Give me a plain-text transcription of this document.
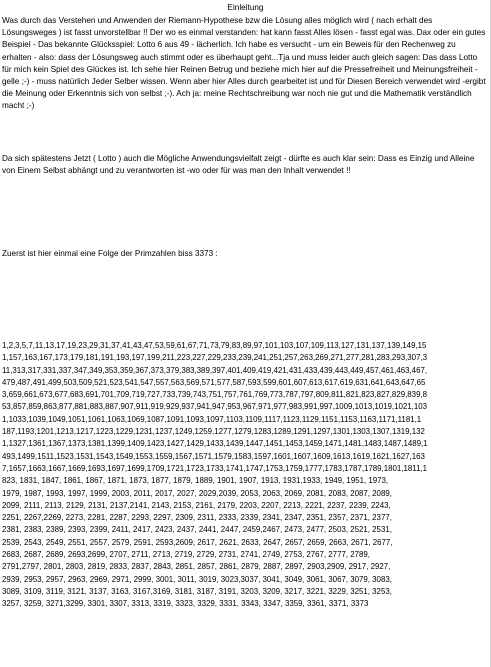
Einleitung

Was durch das Verstehen und Anwenden der Riemann-Hypothese bzw die Lösung alles möglich wird ( nach erhalt des Lösungsweges ) ist fasst unvorstellbar !! Der wo es einmal verstanden: hat kann fasst Alles lösen - fasst egal was. Dax oder ein gutes Beispiel - Das bekannte Glücksspiel: Lotto 6 aus 49 - lächerlich. Ich habe es versucht - um ein Beweis für den Rechenweg zu erhalten - also: dass der Lösungsweg auch stimmt oder es überhaupt geht...Tja und muss leider auch gleich sagen: Das dass Lotto für mich kein Spiel des Glückes ist. Ich sehe hier Reinen Betrug und beziehe mich hier auf die Pressefreiheit und Meinungsfreiheit - gelle ;-) - muss natürlich Jeder Selber wissen. Wenn aber hier Alles durch gearbeitet ist und für Diesen Bereich verwendet wird -ergibt die Meinung oder Erkenntnis sich von selbst ;-). Ach ja: meine Rechtschreibung war noch nie gut und die Mathematik verständlich macht ;-)

Da sich spätestens Jetzt ( Lotto ) auch die Mögliche Anwendungsvielfalt zeigt - dürfte es auch klar sein: Dass es Einzig und Alleine von Einem Selbst abhängt und zu verantworten ist -wo oder für was man den Inhalt verwendet !!

Zuerst ist hier einmal eine Folge der Primzahlen biss 3373 :

1,2,3,5,7,11,13,17,19,23,29,31,37,41,43,47,53,59,61,67,71,73,79,83,89,97,101,103,107,109,113,127,131,137,139,149,15
1,157,163,167,173,179,181,191,193,197,199,211,223,227,229,233,239,241,251,257,263,269,271,277,281,283,293,307,3
11,313,317,331,337,347,349,353,359,367,373,379,383,389,397,401,409,419,421,431,433,439,443,449,457,461,463,467,
479,487,491,499,503,509,521,523,541,547,557,563,569,571,577,587,593,599,601,607,613,617,619,631,641,643,647,65
3,659,661,673,677,683,691,701,709,719,727,733,739,743,751,757,761,769,773,787,797,809,811,821,823,827,829,839,8
53,857,859,863,877,881,883,887,907,911,919,929,937,941,947,953,967,971,977,983,991,997,1009,1013,1019,1021,103
1,1033,1039,1049,1051,1061,1063,1069,1087,1091,1093,1097,1103,1109,1117,1123,1129,1151,1153,1163,1171,1181,1
187,1193,1201,1213,1217,1223,1229,1231,1237,1249,1259,1277,1279,1283,1289,1291,1297,1301,1303,1307,1319,132
1,1327,1361,1367,1373,1381,1399,1409,1423,1427,1429,1433,1439,1447,1451,1453,1459,1471,1481,1483,1487,1489,1
493,1499,1511,1523,1531,1543,1549,1553,1559,1567,1571,1579,1583,1597,1601,1607,1609,1613,1619,1621,1627,163
7,1657,1663,1667,1669,1693,1697,1699,1709,1721,1723,1733,1741,1747,1753,1759,1777,1783,1787,1789,1801,1811,1
823, 1831, 1847, 1861, 1867, 1871, 1873, 1877, 1879, 1889, 1901, 1907, 1913, 1931,1933, 1949, 1951, 1973,
1979, 1987, 1993, 1997, 1999, 2003, 2011, 2017, 2027, 2029,2039, 2053, 2063, 2069, 2081, 2083, 2087, 2089,
2099, 2111, 2113, 2129, 2131, 2137,2141, 2143, 2153, 2161, 2179, 2203, 2207, 2213, 2221, 2237, 2239, 2243,
2251, 2267,2269, 2273, 2281, 2287, 2293, 2297, 2309, 2311, 2333, 2339, 2341, 2347, 2351, 2357, 2371, 2377,
2381, 2383, 2389, 2393, 2399, 2411, 2417, 2423, 2437, 2441, 2447, 2459,2467, 2473, 2477, 2503, 2521, 2531,
2539, 2543, 2549, 2551, 2557, 2579, 2591, 2593,2609, 2617, 2621, 2633, 2647, 2657, 2659, 2663, 2671, 2677,
2683, 2687, 2689, 2693,2699, 2707, 2711, 2713, 2719, 2729, 2731, 2741, 2749, 2753, 2767, 2777, 2789,
2791,2797, 2801, 2803, 2819, 2833, 2837, 2843, 2851, 2857, 2861, 2879, 2887, 2897, 2903,2909, 2917, 2927,
2939, 2953, 2957, 2963, 2969, 2971, 2999, 3001, 3011, 3019, 3023,3037, 3041, 3049, 3061, 3067, 3079, 3083,
3089, 3109, 3119, 3121, 3137, 3163, 3167,3169, 3181, 3187, 3191, 3203, 3209, 3217, 3221, 3229, 3251, 3253,
3257, 3259, 3271,3299, 3301, 3307, 3313, 3319, 3323, 3329, 3331, 3343, 3347, 3359, 3361, 3371, 3373
